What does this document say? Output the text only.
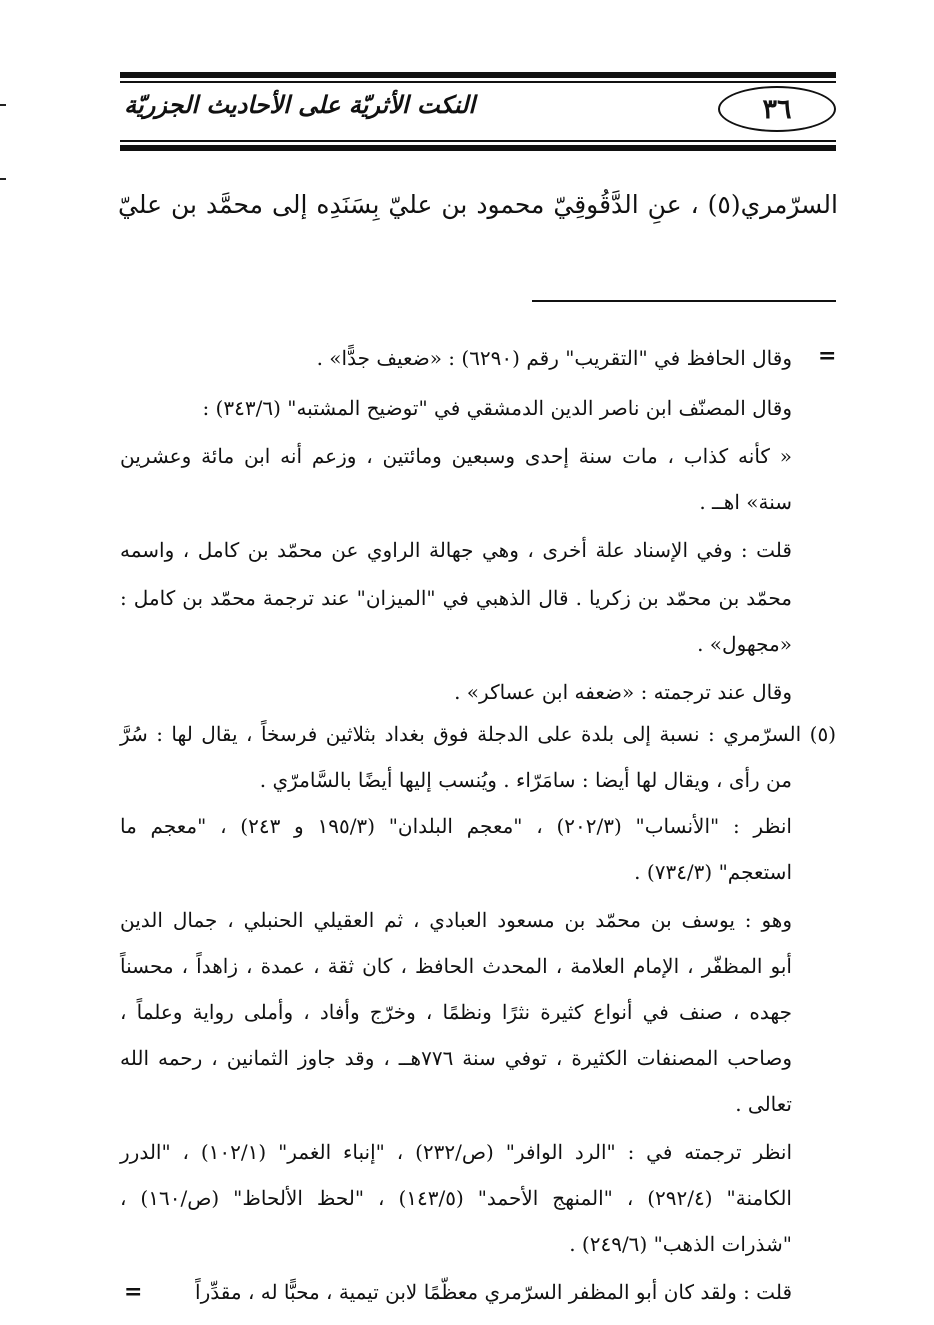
٣٦
النكت الأثريّة على الأحاديث الجزريّة
السرّمري(٥) ، عنِ الدَّقُوقِيّ محمود بن عليّ بِسَنَدِه إلى محمَّد بن عليّ
=
=
وقال الحافظ في "التقريب" رقم (٦٢٩٠) : «ضعيف جدًّا» .
وقال المصنّف ابن ناصر الدين الدمشقي في "توضيح المشتبه" (٣٤٣/٦) :
« كأنه كذاب ، مات سنة إحدى وسبعين ومائتين ، وزعم أنه ابن مائة وعشرين
سنة» اهــ .
قلت : وفي الإسناد علة أخرى ، وهي جهالة الراوي عن محمّد بن كامل ، واسمه
محمّد بن محمّد بن زكريا . قال الذهبي في "الميزان" عند ترجمة محمّد بن كامل :
«مجهول» .
وقال عند ترجمته : «ضعفه ابن عساكر» .
(٥) السرّمري : نسبة إلى بلدة على الدجلة فوق بغداد بثلاثين فرسخاً ، يقال لها : سُرَّ
من رأى ، ويقال لها أيضا : سامَرّاء . ويُنسب إليها أيضًا بالسَّامرّي .
انظر : "الأنساب" (٢٠٢/٣) ، "معجم البلدان" (١٩٥/٣ و ٢٤٣) ، "معجم ما
استعجم" (٧٣٤/٣) .
وهو : يوسف بن محمّد بن مسعود العبادي ، ثم العقيلي الحنبلي ، جمال الدين
أبو المظفّر ، الإمام العلامة ، المحدث الحافظ ، كان ثقة ، عمدة ، زاهداً ، محسناً
جهده ، صنف في أنواع كثيرة نثرًا ونظمًا ، وخرّج وأفاد ، وأملى رواية وعلماً ،
وصاحب المصنفات الكثيرة ، توفي سنة ٧٧٦هــ ، وقد جاوز الثمانين ، رحمه الله
تعالى .
انظر ترجمته في : "الرد الوافر" (ص/٢٣٢) ، "إنباء الغمر" (١٠٢/١) ، "الدرر
الكامنة" (٢٩٢/٤) ، "المنهج الأحمد" (١٤٣/٥) ، "لحظ الألحاظ" (ص/١٦٠) ،
"شذرات الذهب" (٢٤٩/٦) .
قلت : ولقد كان أبو المظفر السرّمري معظّمًا لابن تيمية ، محبًّا له ، مقدِّراً
